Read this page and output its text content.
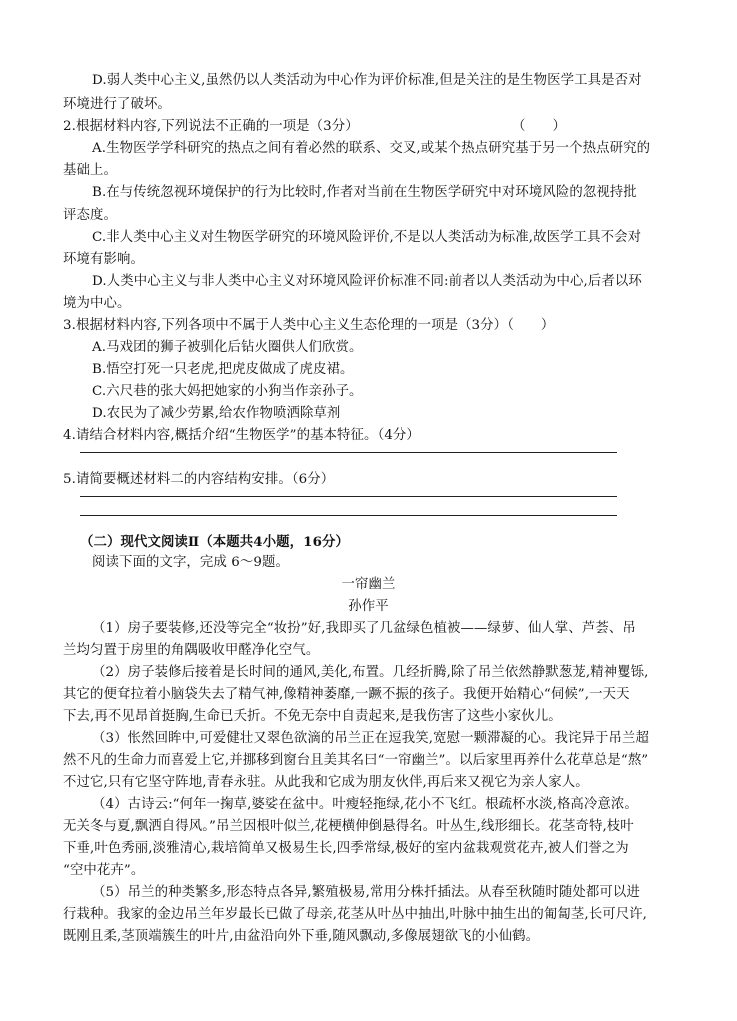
D.弱人类中心主义,虽然仍以人类活动为中心作为评价标准,但是关注的是生物医学工具是否对
环境进行了破坏。
2.根据材料内容,下列说法不正确的一项是（3分）	（　　）
A.生物医学学科研究的热点之间有着必然的联系、交叉,或某个热点研究基于另一个热点研究的
基础上。
B.在与传统忽视环境保护的行为比较时,作者对当前在生物医学研究中对环境风险的忽视持批
评态度。
C.非人类中心主义对生物医学研究的环境风险评价,不是以人类活动为标准,故医学工具不会对
环境有影响。
D.人类中心主义与非人类中心主义对环境风险评价标准不同:前者以人类活动为中心,后者以环
境为中心。
3.根据材料内容,下列各项中不属于人类中心主义生态伦理的一项是（3分）（　　）
A.马戏团的狮子被驯化后钻火圈供人们欣赏。
B.悟空打死一只老虎,把虎皮做成了虎皮裙。
C.六尺巷的张大妈把她家的小狗当作亲孙子。
D.农民为了减少劳累,给农作物喷洒除草剂
4.请结合材料内容,概括介绍“生物医学”的基本特征。（4分）
5.请简要概述材料二的内容结构安排。（6分）
（二）现代文阅读Ⅱ（本题共4小题，16分）
阅读下面的文字，完成 6～9题。
一帘幽兰
孙作平
（1）房子要装修,还没等完全“妆扮”好,我即买了几盆绿色植被——绿萝、仙人掌、芦荟、吊
兰均匀置于房里的角隅吸收甲醛净化空气。
（2）房子装修后接着是长时间的通风,美化,布置。几经折腾,除了吊兰依然静默葱茏,精神矍铄,
其它的便耷拉着小脑袋失去了精气神,像精神萎靡,一蹶不振的孩子。我便开始精心“伺候”,一天天
下去,再不见昂首挺胸,生命已夭折。不免无奈中自责起来,是我伤害了这些小家伙儿。
（3）怅然回眸中,可爱健壮又翠色欲滴的吊兰正在逗我笑,宽慰一颗滞凝的心。我诧异于吊兰超
然不凡的生命力而喜爱上它,并挪移到窗台且美其名曰“一帘幽兰”。以后家里再养什么花草总是“熬”
不过它,只有它坚守阵地,青春永驻。从此我和它成为朋友伙伴,再后来又视它为亲人家人。
（4）古诗云:“何年一掬草,婆娑在盆中。叶瘦轻拖绿,花小不飞红。根疏杯水淡,格高冷意浓。
无关冬与夏,飘洒自得风。”吊兰因根叶似兰,花梗横伸倒悬得名。叶丛生,线形细长。花茎奇特,枝叶
下垂,叶色秀丽,淡雅清心,栽培简单又极易生长,四季常绿,极好的室内盆栽观赏花卉,被人们誉之为
“空中花卉”。
（5）吊兰的种类繁多,形态特点各异,繁殖极易,常用分株扦插法。从春至秋随时随处都可以进
行栽种。我家的金边吊兰年岁最长已做了母亲,花茎从叶丛中抽出,叶脉中抽生出的匍匐茎,长可尺许,
既刚且柔,茎顶端簇生的叶片,由盆沿向外下垂,随风飘动,多像展翅欲飞的小仙鹤。
